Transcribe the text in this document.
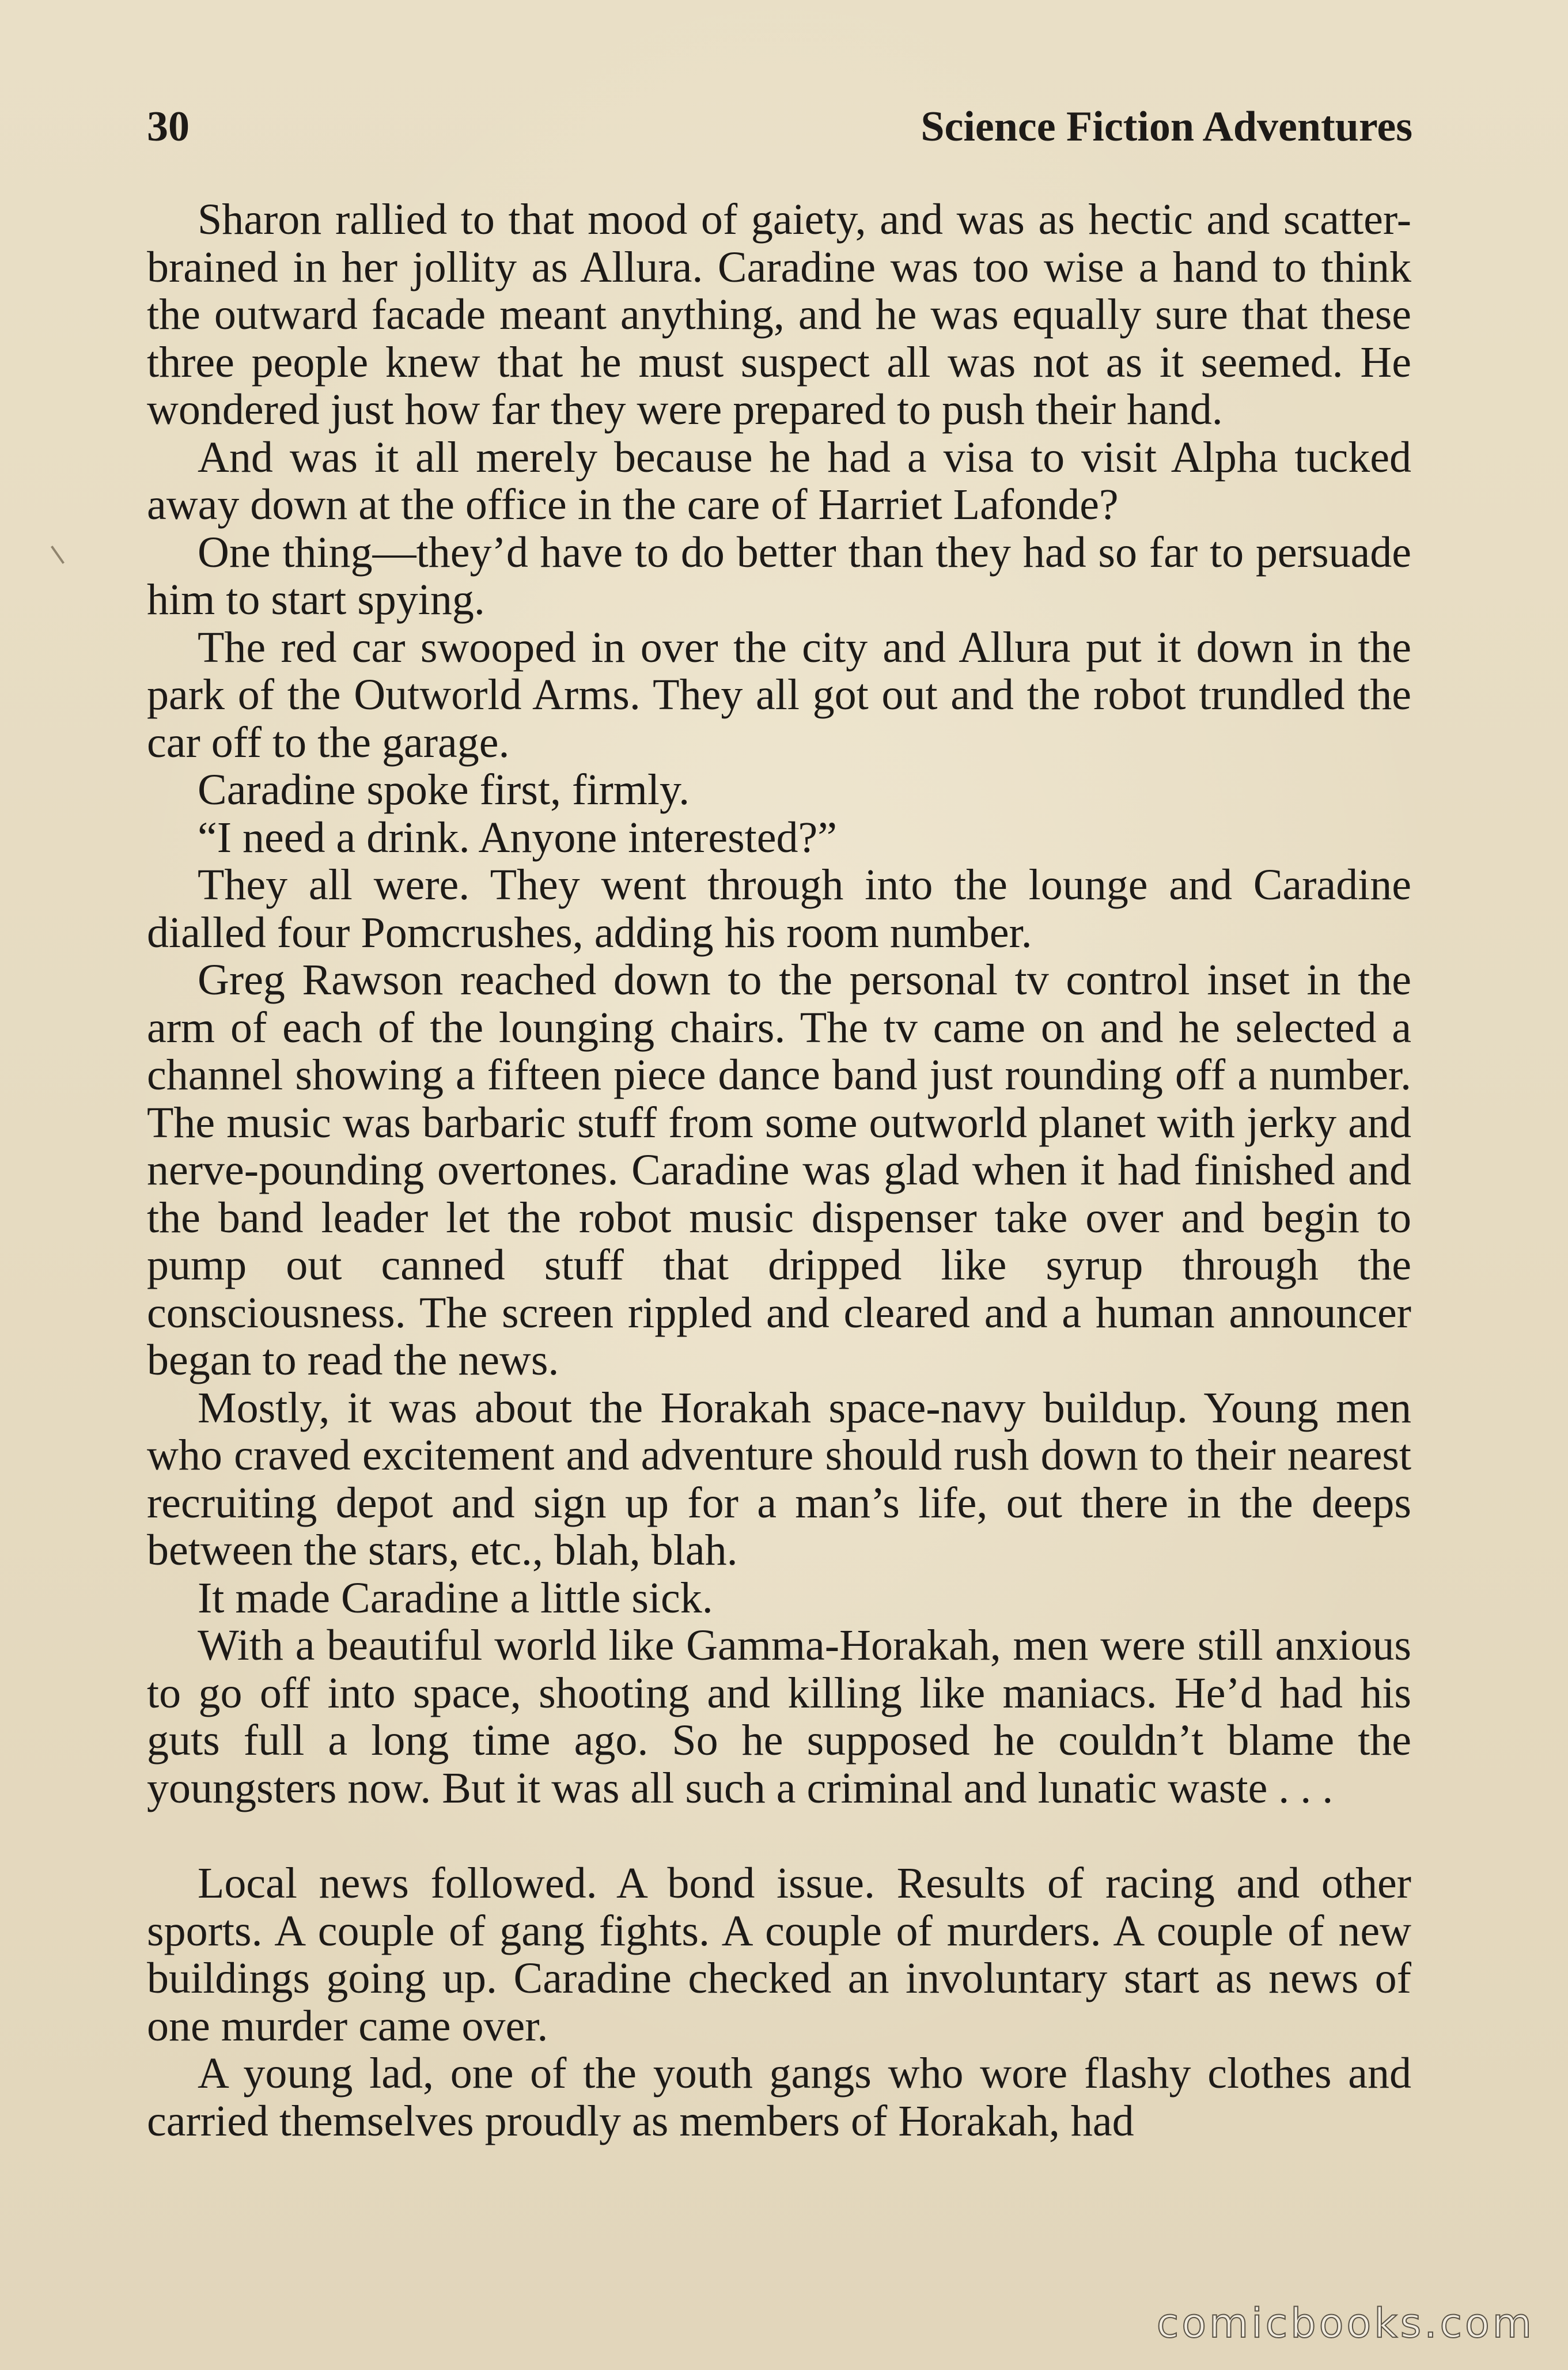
30	Science Fiction Adventures

Sharon rallied to that mood of gaiety, and was as hectic and scatter-brained in her jollity as Allura. Caradine was too wise a hand to think the outward facade meant anything, and he was equally sure that these three people knew that he must suspect all was not as it seemed. He wondered just how far they were prepared to push their hand.

And was it all merely because he had a visa to visit Alpha tucked away down at the office in the care of Harriet Lafonde?

One thing—they’d have to do better than they had so far to persuade him to start spying.

The red car swooped in over the city and Allura put it down in the park of the Outworld Arms. They all got out and the robot trundled the car off to the garage.

Caradine spoke first, firmly.

“I need a drink. Anyone interested?”

They all were. They went through into the lounge and Caradine dialled four Pomcrushes, adding his room number.

Greg Rawson reached down to the personal tv control inset in the arm of each of the lounging chairs. The tv came on and he selected a channel showing a fifteen piece dance band just rounding off a number. The music was barbaric stuff from some outworld planet with jerky and nerve-pounding overtones. Caradine was glad when it had finished and the band leader let the robot music dispenser take over and begin to pump out canned stuff that dripped like syrup through the consciousness. The screen rippled and cleared and a human announcer began to read the news.

Mostly, it was about the Horakah space-navy buildup. Young men who craved excitement and adventure should rush down to their nearest recruiting depot and sign up for a man’s life, out there in the deeps between the stars, etc., blah, blah.

It made Caradine a little sick.

With a beautiful world like Gamma-Horakah, men were still anxious to go off into space, shooting and killing like maniacs. He’d had his guts full a long time ago. So he supposed he couldn’t blame the youngsters now. But it was all such a criminal and lunatic waste . . .

Local news followed. A bond issue. Results of racing and other sports. A couple of gang fights. A couple of murders. A couple of new buildings going up. Caradine checked an involuntary start as news of one murder came over.

A young lad, one of the youth gangs who wore flashy clothes and carried themselves proudly as members of Horakah, had

comicbooks.com
